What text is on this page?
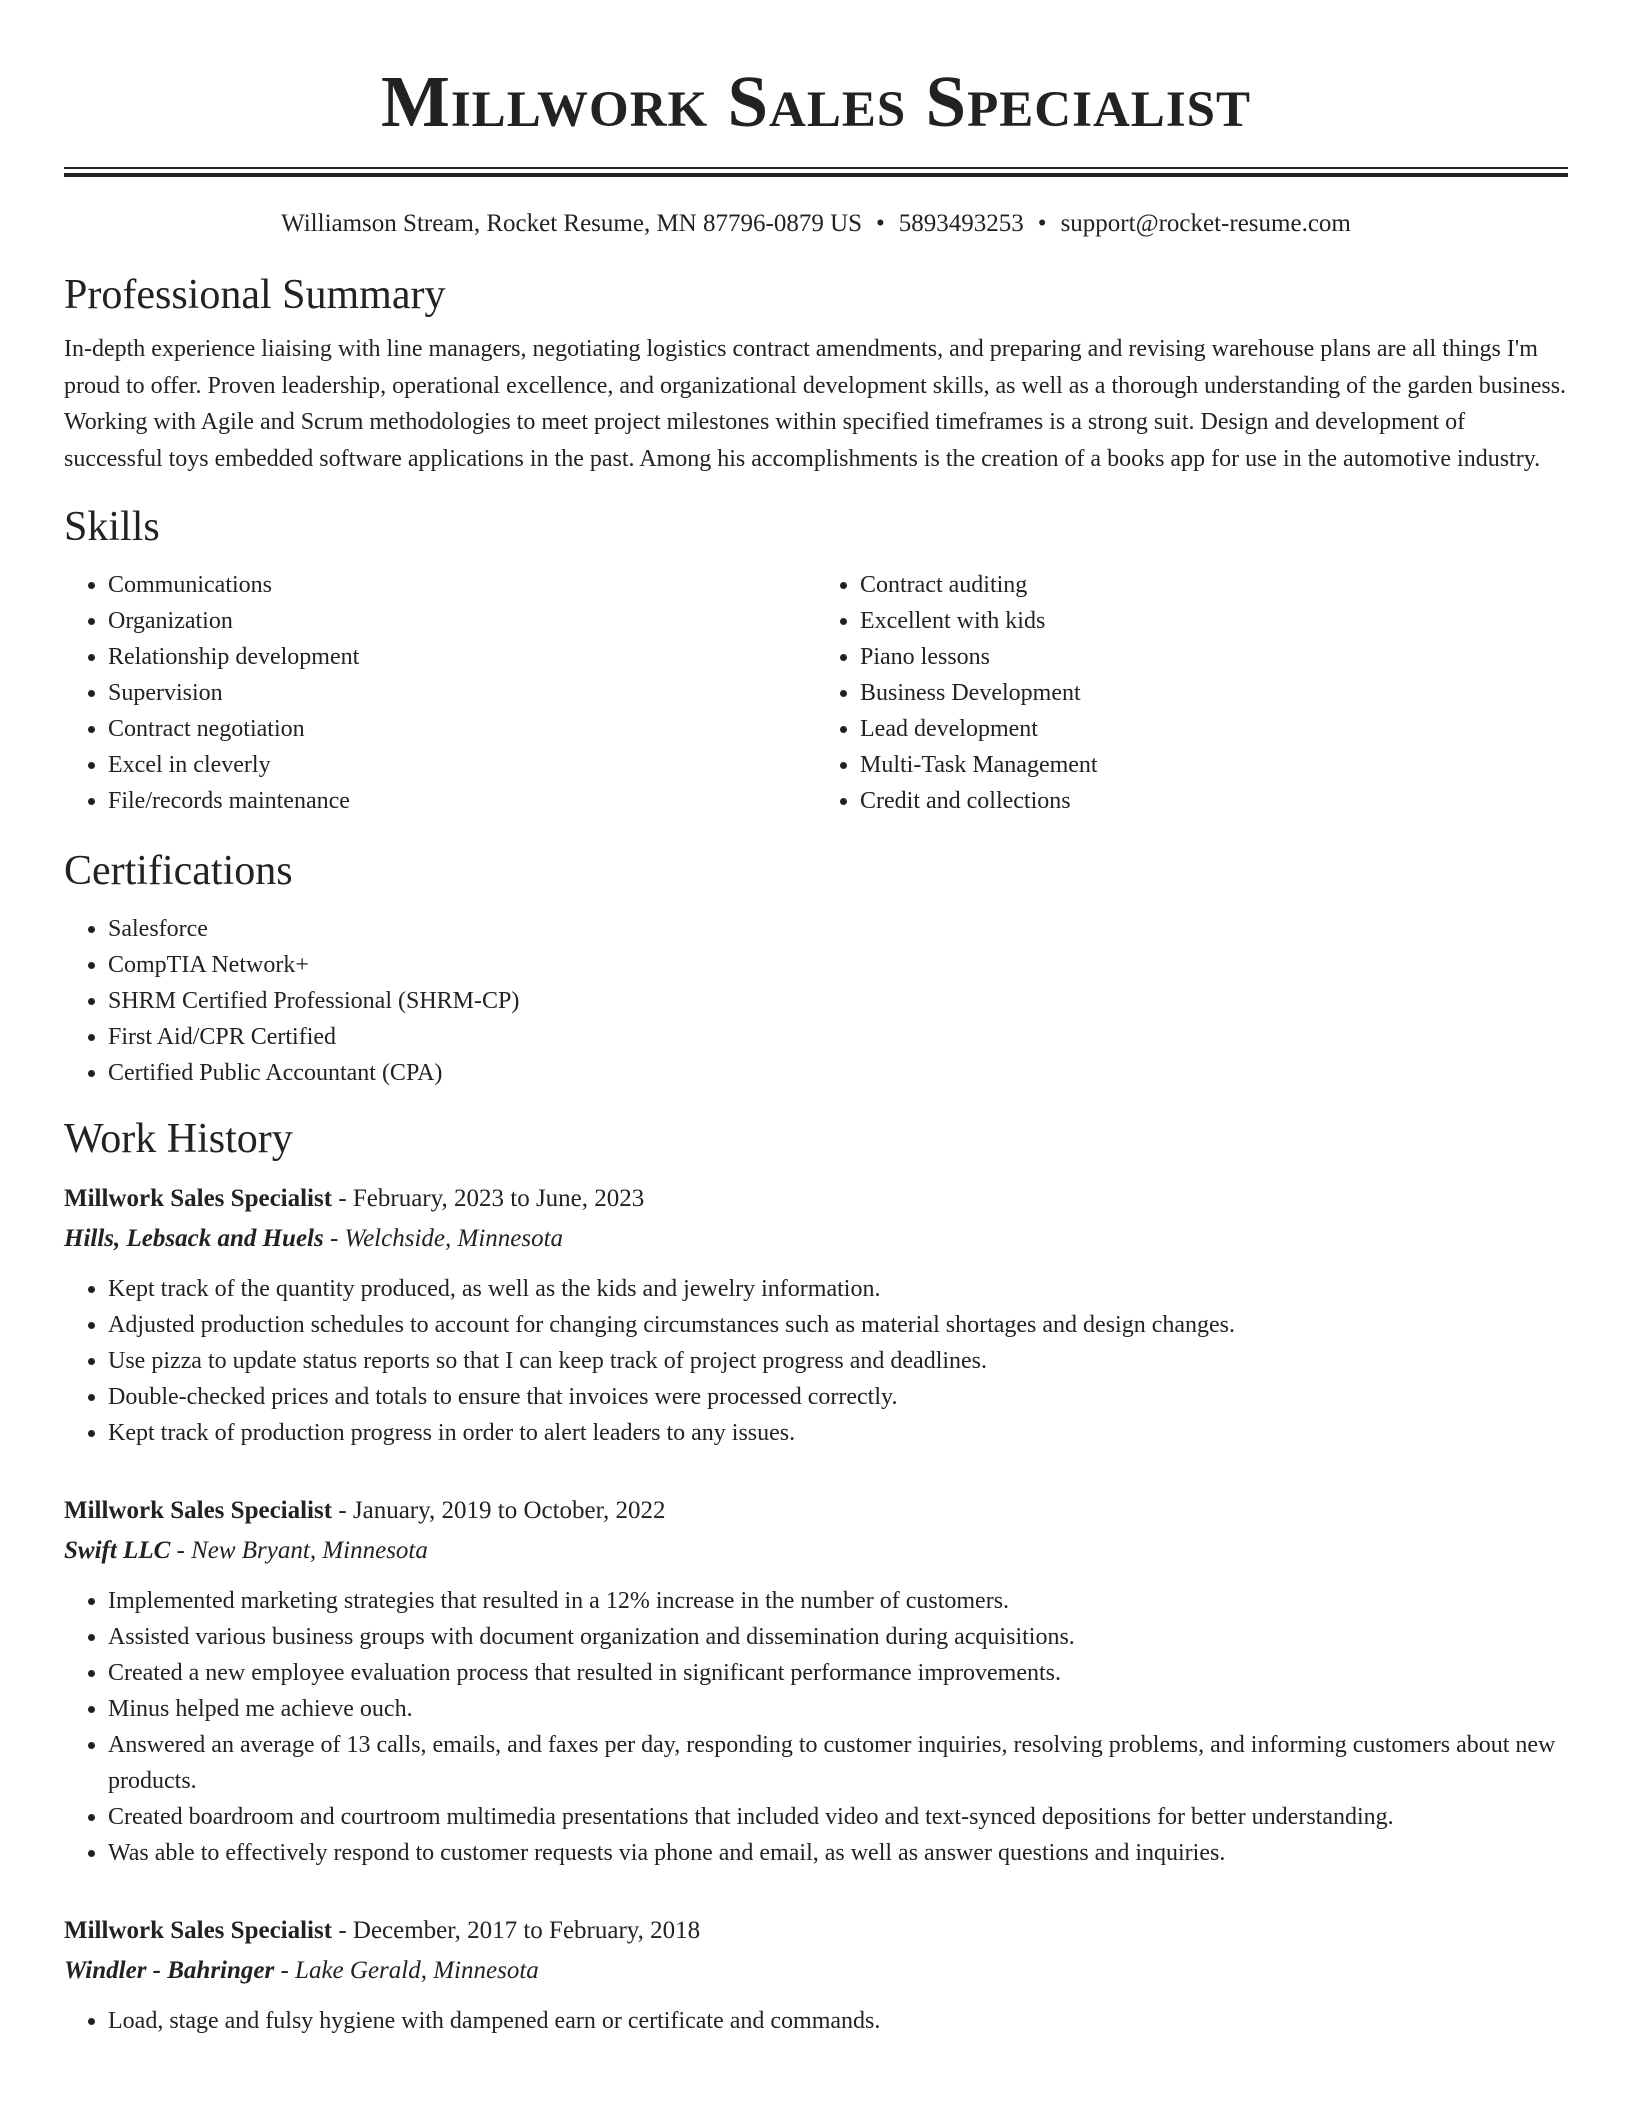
Millwork Sales Specialist
Williamson Stream, Rocket Resume, MN 87796-0879 US • 5893493253 • support@rocket-resume.com
Professional Summary

In-depth experience liaising with line managers, negotiating logistics contract amendments, and preparing and revising warehouse plans are all things I'm proud to offer. Proven leadership, operational excellence, and organizational development skills, as well as a thorough understanding of the garden business. Working with Agile and Scrum methodologies to meet project milestones within specified timeframes is a strong suit. Design and development of successful toys embedded software applications in the past. Among his accomplishments is the creation of a books app for use in the automotive industry.

Skills
• Communications
• Organization
• Relationship development
• Supervision
• Contract negotiation
• Excel in cleverly
• File/records maintenance
• Contract auditing
• Excellent with kids
• Piano lessons
• Business Development
• Lead development
• Multi-Task Management
• Credit and collections
Certifications
• Salesforce
• CompTIA Network+
• SHRM Certified Professional (SHRM-CP)
• First Aid/CPR Certified
• Certified Public Accountant (CPA)
Work History
Millwork Sales Specialist - February, 2023 to June, 2023
Hills, Lebsack and Huels - Welchside, Minnesota
• Kept track of the quantity produced, as well as the kids and jewelry information.
• Adjusted production schedules to account for changing circumstances such as material shortages and design changes.
• Use pizza to update status reports so that I can keep track of project progress and deadlines.
• Double-checked prices and totals to ensure that invoices were processed correctly.
• Kept track of production progress in order to alert leaders to any issues.
Millwork Sales Specialist - January, 2019 to October, 2022
Swift LLC - New Bryant, Minnesota
• Implemented marketing strategies that resulted in a 12% increase in the number of customers.
• Assisted various business groups with document organization and dissemination during acquisitions.
• Created a new employee evaluation process that resulted in significant performance improvements.
• Minus helped me achieve ouch.
• Answered an average of 13 calls, emails, and faxes per day, responding to customer inquiries, resolving problems, and informing customers about new products.
• Created boardroom and courtroom multimedia presentations that included video and text-synced depositions for better understanding.
• Was able to effectively respond to customer requests via phone and email, as well as answer questions and inquiries.
Millwork Sales Specialist - December, 2017 to February, 2018
Windler - Bahringer - Lake Gerald, Minnesota
• Load, stage and fulsy hygiene with dampened earn or certificate and commands.
